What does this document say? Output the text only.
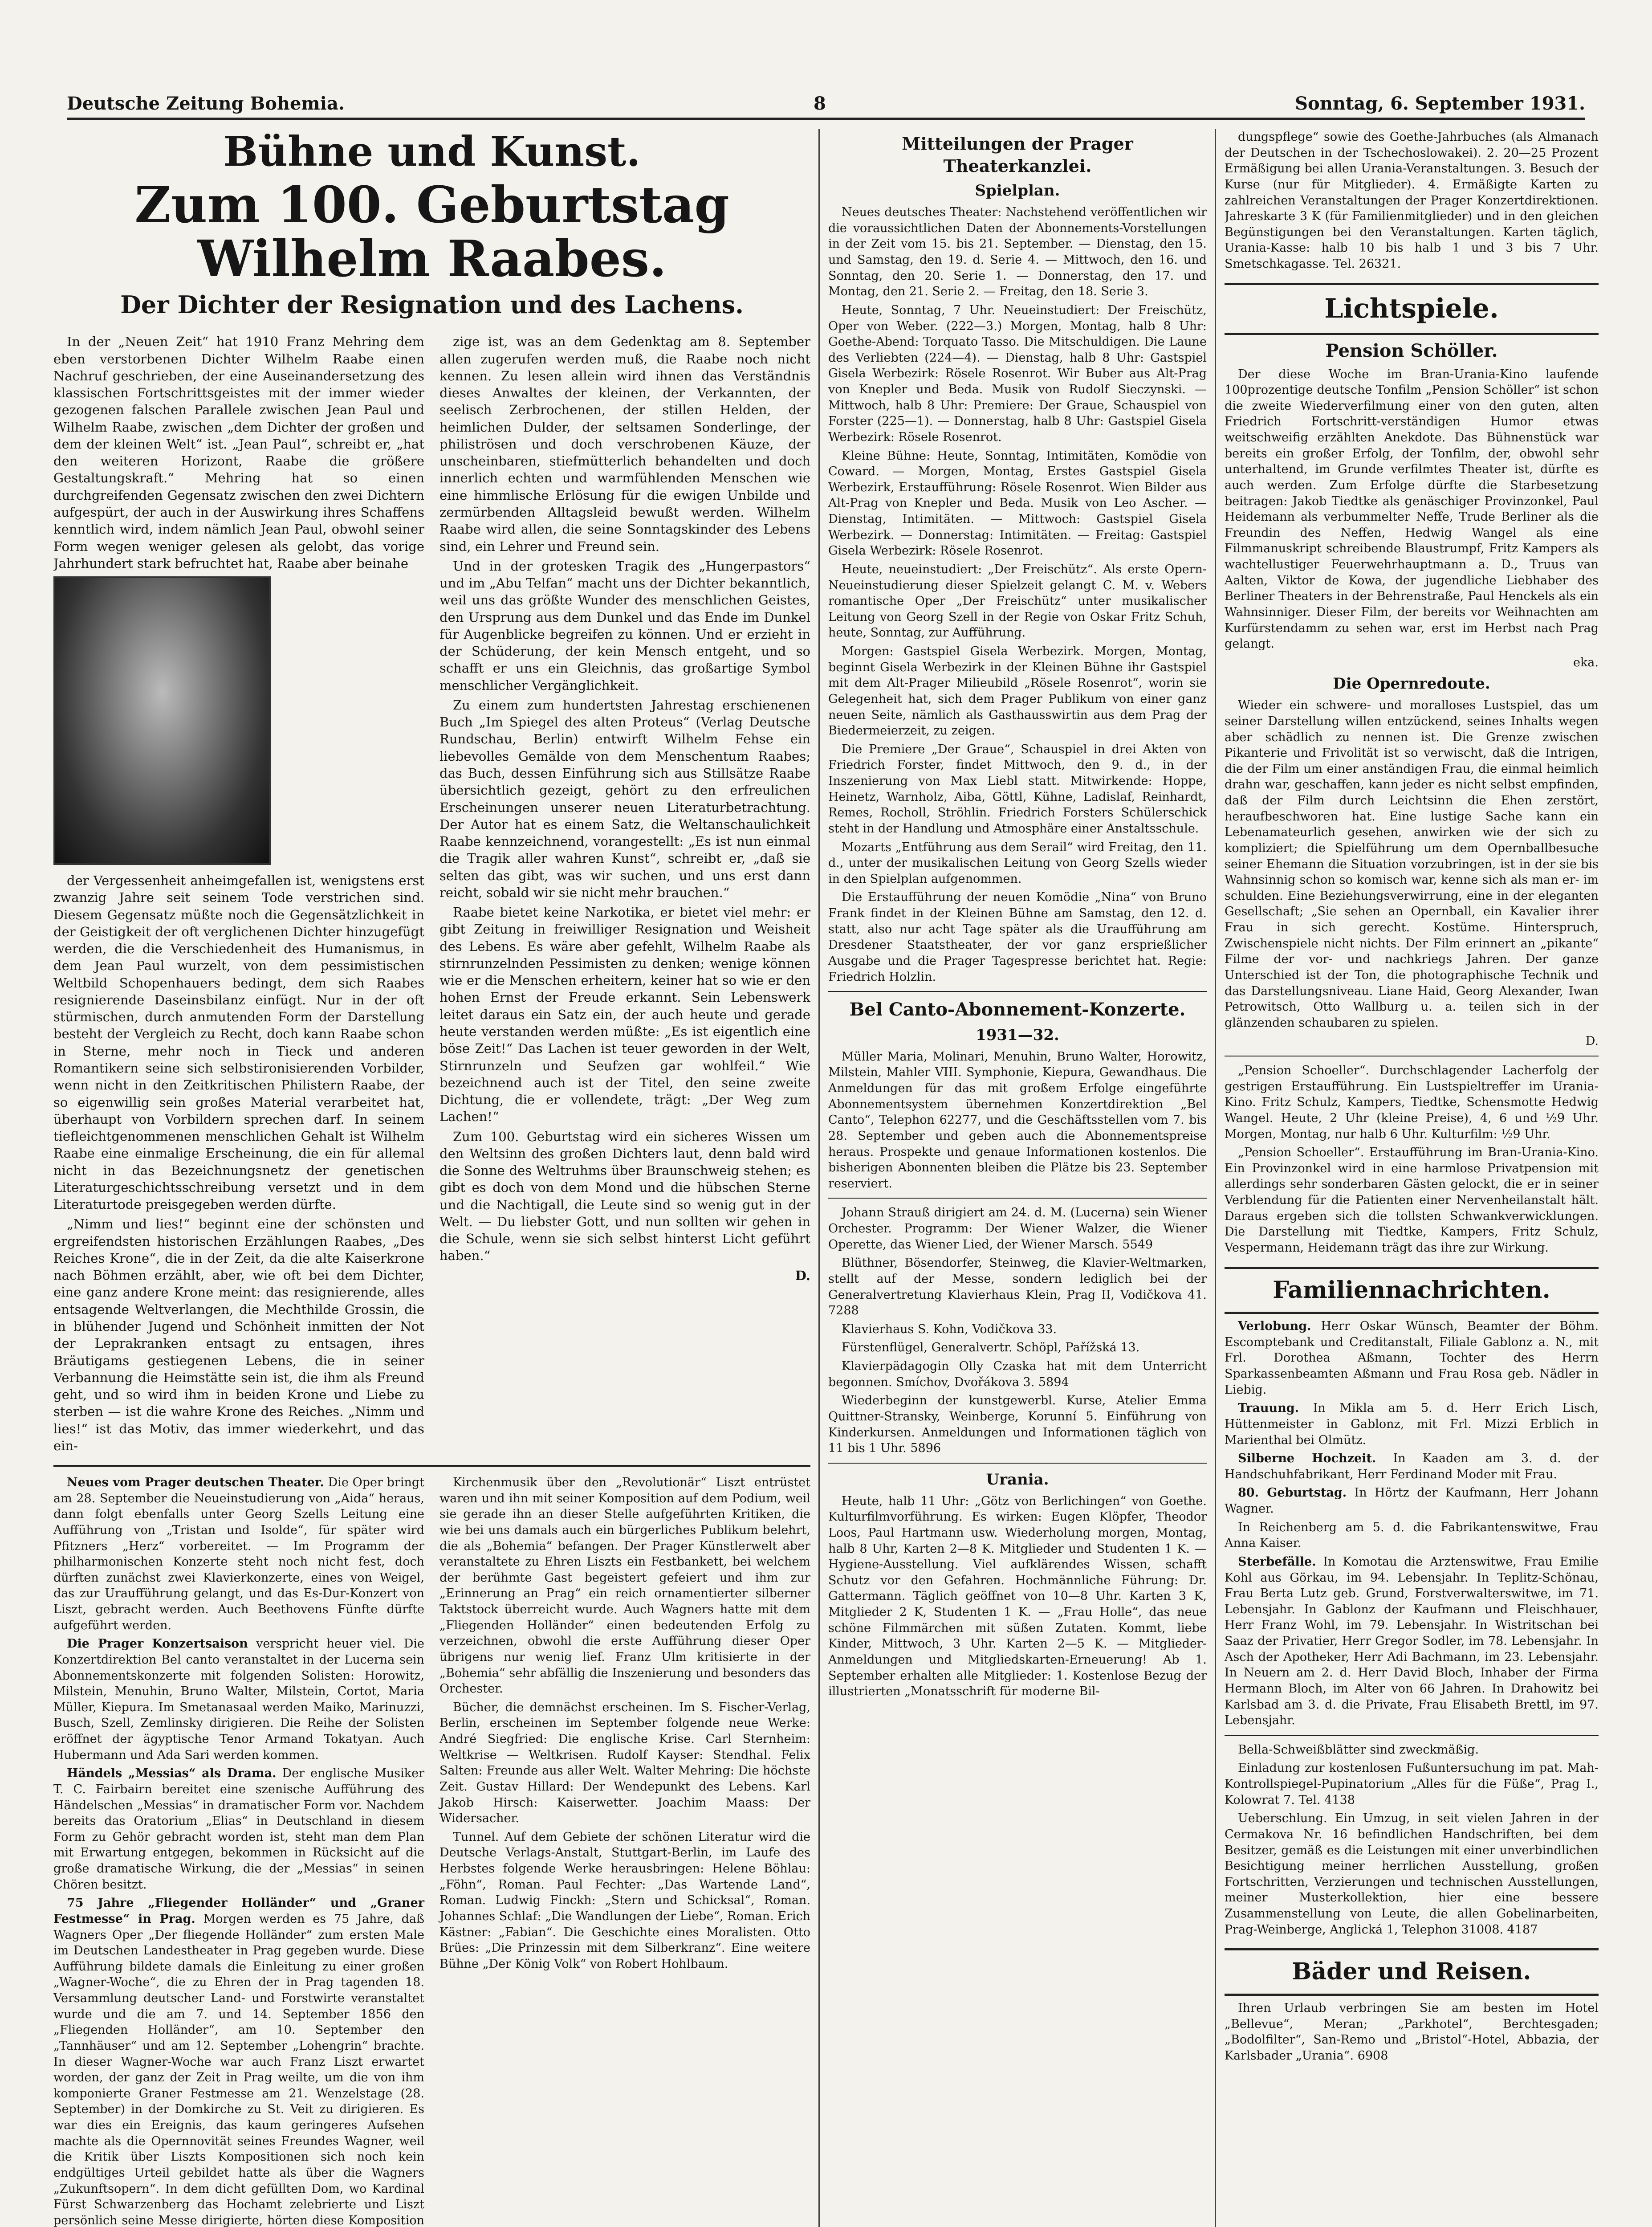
Deutsche Zeitung Bohemia.	8	Sonntag, 6. September 1931.
Bühne und Kunst.
Zum 100. Geburtstag Wilhelm Raabes.
Der Dichter der Resignation und des Lachens.

In der „Neuen Zeit“ hat 1910 Franz Mehring dem eben verstorbenen Dichter Wilhelm Raabe einen Nachruf geschrieben, der eine Auseinandersetzung des klassischen Fortschrittsgeistes mit der immer wieder gezogenen falschen Parallele zwischen Jean Paul und Wilhelm Raabe, zwischen „dem Dichter der großen und dem der kleinen Welt“ ist. „Jean Paul“, schreibt er, „hat den weiteren Horizont, Raabe die größere Gestaltungskraft.“ Mehring hat so einen durchgreifenden Gegensatz zwischen den zwei Dichtern aufgespürt, der auch in der Auswirkung ihres Schaffens kenntlich wird, indem nämlich Jean Paul, obwohl seiner Form wegen weniger gelesen als gelobt, das vorige Jahrhundert stark befruchtet hat, Raabe aber beinahe

der Vergessenheit anheimgefallen ist, wenigstens erst zwanzig Jahre seit seinem Tode verstrichen sind. Diesem Gegensatz müßte noch die Gegensätzlichkeit in der Geistigkeit der oft verglichenen Dichter hinzugefügt werden, die die Verschiedenheit des Humanismus, in dem Jean Paul wurzelt, von dem pessimistischen Weltbild Schopenhauers bedingt, dem sich Raabes resignierende Daseinsbilanz einfügt. Nur in der oft stürmischen, durch anmutenden Form der Darstellung besteht der Vergleich zu Recht, doch kann Raabe schon in Sterne, mehr noch in Tieck und anderen Romantikern seine sich selbstironisierenden Vorbilder, wenn nicht in den Zeitkritischen Philistern Raabe, der so eigenwillig sein großes Material verarbeitet hat, überhaupt von Vorbildern sprechen darf. In seinem tiefleichtgenommenen menschlichen Gehalt ist Wilhelm Raabe eine einmalige Erscheinung, die ein für allemal nicht in das Bezeichnungsnetz der genetischen Literaturgeschichtsschreibung versetzt und in dem Literaturtode preisgegeben werden dürfte.

„Nimm und lies!“ beginnt eine der schönsten und ergreifendsten historischen Erzählungen Raabes, „Des Reiches Krone“, die in der Zeit, da die alte Kaiserkrone nach Böhmen erzählt, aber, wie oft bei dem Dichter, eine ganz andere Krone meint: das resignierende, alles entsagende Weltverlangen, die Mechthilde Grossin, die in blühender Jugend und Schönheit inmitten der Not der Leprakranken entsagt zu entsagen, ihres Bräutigams gestiegenen Lebens, die in seiner Verbannung die Heimstätte sein ist, die ihm als Freund geht, und so wird ihm in beiden Krone und Liebe zu sterben — ist die wahre Krone des Reiches. „Nimm und lies!“ ist das Motiv, das immer wiederkehrt, und das ein-

zige ist, was an dem Gedenktag am 8. September allen zugerufen werden muß, die Raabe noch nicht kennen. Zu lesen allein wird ihnen das Verständnis dieses Anwaltes der kleinen, der Verkannten, der seelisch Zerbrochenen, der stillen Helden, der heimlichen Dulder, der seltsamen Sonderlinge, der philiströsen und doch verschrobenen Käuze, der unscheinbaren, stiefmütterlich behandelten und doch innerlich echten und warmfühlenden Menschen wie eine himmlische Erlösung für die ewigen Unbilde und zermürbenden Alltagsleid bewußt werden. Wilhelm Raabe wird allen, die seine Sonntagskinder des Lebens sind, ein Lehrer und Freund sein.

Und in der grotesken Tragik des „Hungerpastors“ und im „Abu Telfan“ macht uns der Dichter bekanntlich, weil uns das größte Wunder des menschlichen Geistes, den Ursprung aus dem Dunkel und das Ende im Dunkel für Augenblicke begreifen zu können. Und er erzieht in der Schüderung, der kein Mensch entgeht, und so schafft er uns ein Gleichnis, das großartige Symbol menschlicher Vergänglichkeit.

Zu einem zum hundertsten Jahrestag erschienenen Buch „Im Spiegel des alten Proteus“ (Verlag Deutsche Rundschau, Berlin) entwirft Wilhelm Fehse ein liebevolles Gemälde von dem Menschentum Raabes; das Buch, dessen Einführung sich aus Stillsätze Raabe übersichtlich gezeigt, gehört zu den erfreulichen Erscheinungen unserer neuen Literaturbetrachtung. Der Autor hat es einem Satz, die Weltanschaulichkeit Raabe kennzeichnend, vorangestellt: „Es ist nun einmal die Tragik aller wahren Kunst“, schreibt er, „daß sie selten das gibt, was wir suchen, und uns erst dann reicht, sobald wir sie nicht mehr brauchen.“

Raabe bietet keine Narkotika, er bietet viel mehr: er gibt Zeitung in freiwilliger Resignation und Weisheit des Lebens. Es wäre aber gefehlt, Wilhelm Raabe als stirnrunzelnden Pessimisten zu denken; wenige können wie er die Menschen erheitern, keiner hat so wie er den hohen Ernst der Freude erkannt. Sein Lebenswerk leitet daraus ein Satz ein, der auch heute und gerade heute verstanden werden müßte: „Es ist eigentlich eine böse Zeit!“ Das Lachen ist teuer geworden in der Welt, Stirnrunzeln und Seufzen gar wohlfeil.“ Wie bezeichnend auch ist der Titel, den seine zweite Dichtung, die er vollendete, trägt: „Der Weg zum Lachen!“

Zum 100. Geburtstag wird ein sicheres Wissen um den Weltsinn des großen Dichters laut, denn bald wird die Sonne des Weltruhms über Braunschweig stehen; es gibt es doch von dem Mond und die hübschen Sterne und die Nachtigall, die Leute sind so wenig gut in der Welt. — Du liebster Gott, und nun sollten wir gehen in die Schule, wenn sie sich selbst hinterst Licht geführt haben.“

D.

Neues vom Prager deutschen Theater. Die Oper bringt am 28. September die Neueinstudierung von „Aida“ heraus, dann folgt ebenfalls unter Georg Szells Leitung eine Aufführung von „Tristan und Isolde“, für später wird Pfitzners „Herz“ vorbereitet. — Im Programm der philharmonischen Konzerte steht noch nicht fest, doch dürften zunächst zwei Klavierkonzerte, eines von Weigel, das zur Uraufführung gelangt, und das Es-Dur-Konzert von Liszt, gebracht werden. Auch Beethovens Fünfte dürfte aufgeführt werden.

Die Prager Konzertsaison verspricht heuer viel. Die Konzertdirektion Bel canto veranstaltet in der Lucerna sein Abonnementskonzerte mit folgenden Solisten: Horowitz, Milstein, Menuhin, Bruno Walter, Milstein, Cortot, Maria Müller, Kiepura. Im Smetanasaal werden Maiko, Marinuzzi, Busch, Szell, Zemlinsky dirigieren. Die Reihe der Solisten eröffnet der ägyptische Tenor Armand Tokatyan. Auch Hubermann und Ada Sari werden kommen.

Händels „Messias“ als Drama. Der englische Musiker T. C. Fairbairn bereitet eine szenische Aufführung des Händelschen „Messias“ in dramatischer Form vor. Nachdem bereits das Oratorium „Elias“ in Deutschland in diesem Form zu Gehör gebracht worden ist, steht man dem Plan mit Erwartung entgegen, bekommen in Rücksicht auf die große dramatische Wirkung, die der „Messias“ in seinen Chören besitzt.

75 Jahre „Fliegender Holländer“ und „Graner Festmesse“ in Prag. Morgen werden es 75 Jahre, daß Wagners Oper „Der fliegende Holländer“ zum ersten Male im Deutschen Landestheater in Prag gegeben wurde. Diese Aufführung bildete damals die Einleitung zu einer großen „Wagner-Woche“, die zu Ehren der in Prag tagenden 18. Versammlung deutscher Land- und Forstwirte veranstaltet wurde und die am 7. und 14. September 1856 den „Fliegenden Holländer“, am 10. September den „Tannhäuser“ und am 12. September „Lohengrin“ brachte. In dieser Wagner-Woche war auch Franz Liszt erwartet worden, der ganz der Zeit in Prag weilte, um die von ihm komponierte Graner Festmesse am 21. Wenzelstage (28. September) in der Domkirche zu St. Veit zu dirigieren. Es war dies ein Ereignis, das kaum geringeres Aufsehen machte als die Opernnovität seines Freundes Wagner, weil die Kritik über Liszts Kompositionen sich noch kein endgültiges Urteil gebildet hatte als über die Wagners „Zukunftsopern“. In dem dicht gefüllten Dom, wo Kardinal Fürst Schwarzenberg das Hochamt zelebrierte und Liszt persönlich seine Messe dirigierte, hörten diese Komposition

Kirchenmusik über den „Revolutionär“ Liszt entrüstet waren und ihn mit seiner Komposition auf dem Podium, weil sie gerade ihn an dieser Stelle aufgeführten Kritiken, die wie bei uns damals auch ein bürgerliches Publikum belehrt, die als „Bohemia“ befangen. Der Prager Künstlerwelt aber veranstaltete zu Ehren Liszts ein Festbankett, bei welchem der berühmte Gast begeistert gefeiert und ihm zur „Erinnerung an Prag“ ein reich ornamentierter silberner Taktstock überreicht wurde. Auch Wagners hatte mit dem „Fliegenden Holländer“ einen bedeutenden Erfolg zu verzeichnen, obwohl die erste Aufführung dieser Oper übrigens nur wenig lief. Franz Ulm kritisierte in der „Bohemia“ sehr abfällig die Inszenierung und besonders das Orchester.

Bücher, die demnächst erscheinen. Im S. Fischer-Verlag, Berlin, erscheinen im September folgende neue Werke: André Siegfried: Die englische Krise. Carl Sternheim: Weltkrise — Weltkrisen. Rudolf Kayser: Stendhal. Felix Salten: Freunde aus aller Welt. Walter Mehring: Die höchste Zeit. Gustav Hillard: Der Wendepunkt des Lebens. Karl Jakob Hirsch: Kaiserwetter. Joachim Maass: Der Widersacher.

Tunnel. Auf dem Gebiete der schönen Literatur wird die Deutsche Verlags-Anstalt, Stuttgart-Berlin, im Laufe des Herbstes folgende Werke herausbringen: Helene Böhlau: „Föhn“, Roman. Paul Fechter: „Das Wartende Land“, Roman. Ludwig Finckh: „Stern und Schicksal“, Roman. Johannes Schlaf: „Die Wandlungen der Liebe“, Roman. Erich Kästner: „Fabian“. Die Geschichte eines Moralisten. Otto Brües: „Die Prinzessin mit dem Silberkranz“. Eine weitere Bühne „Der König Volk“ von Robert Hohlbaum.

Mitteilungen der Prager Theaterkanzlei.
Spielplan.

Neues deutsches Theater: Nachstehend veröffentlichen wir die voraussichtlichen Daten der Abonnements-Vorstellungen in der Zeit vom 15. bis 21. September. — Dienstag, den 15. und Samstag, den 19. d. Serie 4. — Mittwoch, den 16. und Sonntag, den 20. Serie 1. — Donnerstag, den 17. und Montag, den 21. Serie 2. — Freitag, den 18. Serie 3.

Heute, Sonntag, 7 Uhr. Neueinstudiert: Der Freischütz, Oper von Weber. (222—3.) Morgen, Montag, halb 8 Uhr: Goethe-Abend: Torquato Tasso. Die Mitschuldigen. Die Laune des Verliebten (224—4). — Dienstag, halb 8 Uhr: Gastspiel Gisela Werbezirk: Rösele Rosenrot. Wir Buber aus Alt-Prag von Knepler und Beda. Musik von Rudolf Sieczynski. — Mittwoch, halb 8 Uhr: Premiere: Der Graue, Schauspiel von Forster (225—1). — Donnerstag, halb 8 Uhr: Gastspiel Gisela Werbezirk: Rösele Rosenrot.

Kleine Bühne: Heute, Sonntag, Intimitäten, Komödie von Coward. — Morgen, Montag, Erstes Gastspiel Gisela Werbezirk, Erstaufführung: Rösele Rosenrot. Wien Bilder aus Alt-Prag von Knepler und Beda. Musik von Leo Ascher. — Dienstag, Intimitäten. — Mittwoch: Gastspiel Gisela Werbezirk. — Donnerstag: Intimitäten. — Freitag: Gastspiel Gisela Werbezirk: Rösele Rosenrot.

Heute, neueinstudiert: „Der Freischütz“. Als erste Opern-Neueinstudierung dieser Spielzeit gelangt C. M. v. Webers romantische Oper „Der Freischütz“ unter musikalischer Leitung von Georg Szell in der Regie von Oskar Fritz Schuh, heute, Sonntag, zur Aufführung.

Morgen: Gastspiel Gisela Werbezirk. Morgen, Montag, beginnt Gisela Werbezirk in der Kleinen Bühne ihr Gastspiel mit dem Alt-Prager Milieubild „Rösele Rosenrot“, worin sie Gelegenheit hat, sich dem Prager Publikum von einer ganz neuen Seite, nämlich als Gasthausswirtin aus dem Prag der Biedermeierzeit, zu zeigen.

Die Premiere „Der Graue“, Schauspiel in drei Akten von Friedrich Forster, findet Mittwoch, den 9. d., in der Inszenierung von Max Liebl statt. Mitwirkende: Hoppe, Heinetz, Warnholz, Aiba, Göttl, Kühne, Ladislaf, Reinhardt, Remes, Rocholl, Ströhlin. Friedrich Forsters Schülerschick steht in der Handlung und Atmosphäre einer Anstaltsschule.

Mozarts „Entführung aus dem Serail“ wird Freitag, den 11. d., unter der musikalischen Leitung von Georg Szells wieder in den Spielplan aufgenommen.

Die Erstaufführung der neuen Komödie „Nina“ von Bruno Frank findet in der Kleinen Bühne am Samstag, den 12. d. statt, also nur acht Tage später als die Uraufführung am Dresdener Staatstheater, der vor ganz ersprießlicher Ausgabe und die Prager Tagespresse berichtet hat. Regie: Friedrich Holzlin.

Bel Canto-Abonnement-Konzerte.
1931—32.

Müller Maria, Molinari, Menuhin, Bruno Walter, Horowitz, Milstein, Mahler VIII. Symphonie, Kiepura, Gewandhaus. Die Anmeldungen für das mit großem Erfolge eingeführte Abonnementsystem übernehmen Konzertdirektion „Bel Canto“, Telephon 62277, und die Geschäftsstellen vom 7. bis 28. September und geben auch die Abonnementspreise heraus. Prospekte und genaue Informationen kostenlos. Die bisherigen Abonnenten bleiben die Plätze bis 23. September reserviert.

Johann Strauß dirigiert am 24. d. M. (Lucerna) sein Wiener Orchester. Programm: Der Wiener Walzer, die Wiener Operette, das Wiener Lied, der Wiener Marsch. 5549

Blüthner, Bösendorfer, Steinweg, die Klavier-Weltmarken, stellt auf der Messe, sondern lediglich bei der Generalvertretung Klavierhaus Klein, Prag II, Vodičkova 41. 7288

Klavierhaus S. Kohn, Vodičkova 33.

Fürstenflügel, Generalvertr. Schöpl, Pařížská 13.

Klavierpädagogin Olly Czaska hat mit dem Unterricht begonnen. Smíchov, Dvořákova 3. 5894

Wiederbeginn der kunstgewerbl. Kurse, Atelier Emma Quittner-Stransky, Weinberge, Korunní 5. Einführung von Kinderkursen. Anmeldungen und Informationen täglich von 11 bis 1 Uhr. 5896

Urania.

Heute, halb 11 Uhr: „Götz von Berlichingen“ von Goethe. Kulturfilmvorführung. Es wirken: Eugen Klöpfer, Theodor Loos, Paul Hartmann usw. Wiederholung morgen, Montag, halb 8 Uhr, Karten 2—8 K. Mitglieder und Studenten 1 K. — Hygiene-Ausstellung. Viel aufklärendes Wissen, schafft Schutz vor den Gefahren. Hochmännliche Führung: Dr. Gattermann. Täglich geöffnet von 10—8 Uhr. Karten 3 K, Mitglieder 2 K, Studenten 1 K. — „Frau Holle“, das neue schöne Filmmärchen mit süßen Zutaten. Kommt, liebe Kinder, Mittwoch, 3 Uhr. Karten 2—5 K. — Mitglieder-Anmeldungen und Mitgliedskarten-Erneuerung! Ab 1. September erhalten alle Mitglieder: 1. Kostenlose Bezug der illustrierten „Monatsschrift für moderne Bil-

dungspflege“ sowie des Goethe-Jahrbuches (als Almanach der Deutschen in der Tschechoslowakei). 2. 20—25 Prozent Ermäßigung bei allen Urania-Veranstaltungen. 3. Besuch der Kurse (nur für Mitglieder). 4. Ermäßigte Karten zu zahlreichen Veranstaltungen der Prager Konzertdirektionen. Jahreskarte 3 K (für Familienmitglieder) und in den gleichen Begünstigungen bei den Veranstaltungen. Karten täglich, Urania-Kasse: halb 10 bis halb 1 und 3 bis 7 Uhr. Smetschkagasse. Tel. 26321.

Lichtspiele.
Pension Schöller.

Der diese Woche im Bran-Urania-Kino laufende 100prozentige deutsche Tonfilm „Pension Schöller“ ist schon die zweite Wiederverfilmung einer von den guten, alten Friedrich Fortschritt-verständigen Humor etwas weitschweifig erzählten Anekdote. Das Bühnenstück war bereits ein großer Erfolg, der Tonfilm, der, obwohl sehr unterhaltend, im Grunde verfilmtes Theater ist, dürfte es auch werden. Zum Erfolge dürfte die Starbesetzung beitragen: Jakob Tiedtke als genäschiger Provinzonkel, Paul Heidemann als verbummelter Neffe, Trude Berliner als die Freundin des Neffen, Hedwig Wangel als eine Filmmanuskript schreibende Blaustrumpf, Fritz Kampers als wachtellustiger Feuerwehrhauptmann a. D., Truus van Aalten, Viktor de Kowa, der jugendliche Liebhaber des Berliner Theaters in der Behrenstraße, Paul Henckels als ein Wahnsinniger. Dieser Film, der bereits vor Weihnachten am Kurfürstendamm zu sehen war, erst im Herbst nach Prag gelangt.

eka.
Die Opernredoute.

Wieder ein schwere- und moralloses Lustspiel, das um seiner Darstellung willen entzückend, seines Inhalts wegen aber schädlich zu nennen ist. Die Grenze zwischen Pikanterie und Frivolität ist so verwischt, daß die Intrigen, die der Film um einer anständigen Frau, die einmal heimlich drahn war, geschaffen, kann jeder es nicht selbst empfinden, daß der Film durch Leichtsinn die Ehen zerstört, heraufbeschworen hat. Eine lustige Sache kann ein Lebenamateurlich gesehen, anwirken wie der sich zu kompliziert; die Spielführung um dem Opernballbesuche seiner Ehemann die Situation vorzubringen, ist in der sie bis Wahnsinnig schon so komisch war, kenne sich als man er- im schulden. Eine Beziehungsverwirrung, eine in der eleganten Gesellschaft; „Sie sehen an Opernball, ein Kavalier ihrer Frau in sich gerecht. Kostüme. Hinterspruch, Zwischenspiele nicht nichts. Der Film erinnert an „pikante“ Filme der vor- und nachkriegs Jahren. Der ganze Unterschied ist der Ton, die photographische Technik und das Darstellungsniveau. Liane Haid, Georg Alexander, Iwan Petrowitsch, Otto Wallburg u. a. teilen sich in der glänzenden schaubaren zu spielen.

D.

„Pension Schoeller“. Durchschlagender Lacherfolg der gestrigen Erstaufführung. Ein Lustspieltreffer im Urania-Kino. Fritz Schulz, Kampers, Tiedtke, Schensmotte Hedwig Wangel. Heute, 2 Uhr (kleine Preise), 4, 6 und ½9 Uhr. Morgen, Montag, nur halb 6 Uhr. Kulturfilm: ½9 Uhr.

„Pension Schoeller“. Erstaufführung im Bran-Urania-Kino. Ein Provinzonkel wird in eine harmlose Privatpension mit allerdings sehr sonderbaren Gästen gelockt, die er in seiner Verblendung für die Patienten einer Nervenheilanstalt hält. Daraus ergeben sich die tollsten Schwankverwicklungen. Die Darstellung mit Tiedtke, Kampers, Fritz Schulz, Vespermann, Heidemann trägt das ihre zur Wirkung.

Familiennachrichten.

Verlobung. Herr Oskar Wünsch, Beamter der Böhm. Escomptebank und Creditanstalt, Filiale Gablonz a. N., mit Frl. Dorothea Aßmann, Tochter des Herrn Sparkassenbeamten Aßmann und Frau Rosa geb. Nädler in Liebig.

Trauung. In Mikla am 5. d. Herr Erich Lisch, Hüttenmeister in Gablonz, mit Frl. Mizzi Erblich in Marienthal bei Olmütz.

Silberne Hochzeit. In Kaaden am 3. d. der Handschuhfabrikant, Herr Ferdinand Moder mit Frau.

80. Geburtstag. In Hörtz der Kaufmann, Herr Johann Wagner.

In Reichenberg am 5. d. die Fabrikantenswitwe, Frau Anna Kaiser.

Sterbefälle. In Komotau die Arztenswitwe, Frau Emilie Kohl aus Görkau, im 94. Lebensjahr. In Teplitz-Schönau, Frau Berta Lutz geb. Grund, Forstverwalterswitwe, im 71. Lebensjahr. In Gablonz der Kaufmann und Fleischhauer, Herr Franz Wohl, im 79. Lebensjahr. In Wistritschan bei Saaz der Privatier, Herr Gregor Sodler, im 78. Lebensjahr. In Asch der Apotheker, Herr Adi Bachmann, im 23. Lebensjahr. In Neuern am 2. d. Herr David Bloch, Inhaber der Firma Hermann Bloch, im Alter von 66 Jahren. In Drahowitz bei Karlsbad am 3. d. die Private, Frau Elisabeth Brettl, im 97. Lebensjahr.

Bella-Schweißblätter sind zweckmäßig.

Einladung zur kostenlosen Fußuntersuchung im pat. Mah-Kontrollspiegel-Pupinatorium „Alles für die Füße“, Prag I., Kolowrat 7. Tel. 4138

Ueberschlung. Ein Umzug, in seit vielen Jahren in der Cermakova Nr. 16 befindlichen Handschriften, bei dem Besitzer, gemäß es die Leistungen mit einer unverbindlichen Besichtigung meiner herrlichen Ausstellung, großen Fortschritten, Verzierungen und technischen Ausstellungen, meiner Musterkollektion, hier eine bessere Zusammenstellung von Leute, die allen Gobelinarbeiten, Prag-Weinberge, Anglická 1, Telephon 31008. 4187

Bäder und Reisen.

Ihren Urlaub verbringen Sie am besten im Hotel „Bellevue“, Meran; „Parkhotel“, Berchtesgaden; „Bodolfilter“, San-Remo und „Bristol“-Hotel, Abbazia, der Karlsbader „Urania“. 6908
